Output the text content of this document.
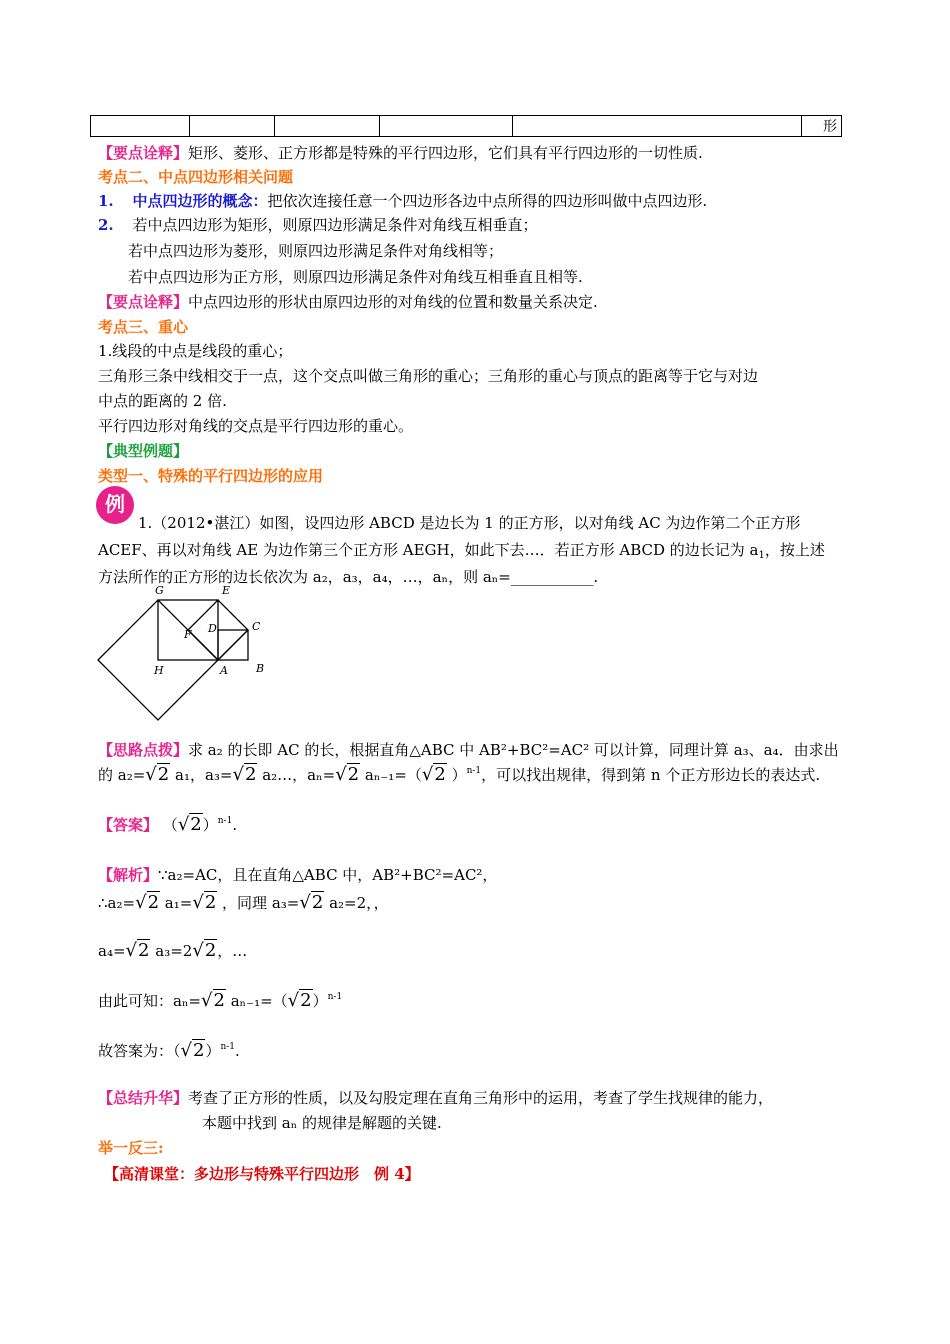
					形
【要点诠释】矩形、菱形、正方形都是特殊的平行四边形，它们具有平行四边形的一切性质.
考点二、中点四边形相关问题
1. 中点四边形的概念：把依次连接任意一个四边形各边中点所得的四边形叫做中点四边形.
2. 若中点四边形为矩形，则原四边形满足条件对角线互相垂直；
若中点四边形为菱形，则原四边形满足条件对角线相等；
若中点四边形为正方形，则原四边形满足条件对角线互相垂直且相等.
【要点诠释】中点四边形的形状由原四边形的对角线的位置和数量关系决定.
考点三、重心
1.线段的中点是线段的重心；
三角形三条中线相交于一点，这个交点叫做三角形的重心；三角形的重心与顶点的距离等于它与对边
中点的距离的 2 倍.
平行四边形对角线的交点是平行四边形的重心。
【典型例题】
类型一、特殊的平行四边形的应用
例
1.（2012•湛江）如图，设四边形 ABCD 是边长为 1 的正方形，以对角线 AC 为边作第二个正方形
ACEF、再以对角线 AE 为边作第三个正方形 AEGH，如此下去…．若正方形 ABCD 的边长记为 $a_1$，按上述
方法所作的正方形的边长依次为 a₂，a₃，a₄，…，aₙ，则 aₙ=___________.
G	E
F D	C
H	A	B
【思路点拨】求 a₂ 的长即 AC 的长，根据直角△ABC 中 AB²+BC²=AC² 可以计算，同理计算 a₃、a₄．由求出
的 a₂=√2 a₁，a₃=√2 a₂…，aₙ=√2 aₙ₋₁=（√2 ）$^{n-1}$，可以找出规律，得到第 n 个正方形边长的表达式.
【答案】 $(√2)^{n-1}$.
【解析】∵a₂=AC，且在直角△ABC 中，AB²+BC²=AC²，
∴a₂=√2 a₁=√2 ，同理 a₃=√2 a₂=2，，
a₄=√2 a₃=2√2，…
由此可知：aₙ=√2 $a_{n-1}=(√2)^{n-1}$
故答案为：$(√2)^{n-1}$.
【总结升华】考查了正方形的性质，以及勾股定理在直角三角形中的运用，考查了学生找规律的能力，
本题中找到 aₙ 的规律是解题的关键.
举一反三:
【高清课堂：多边形与特殊平行四边形　例 4】
